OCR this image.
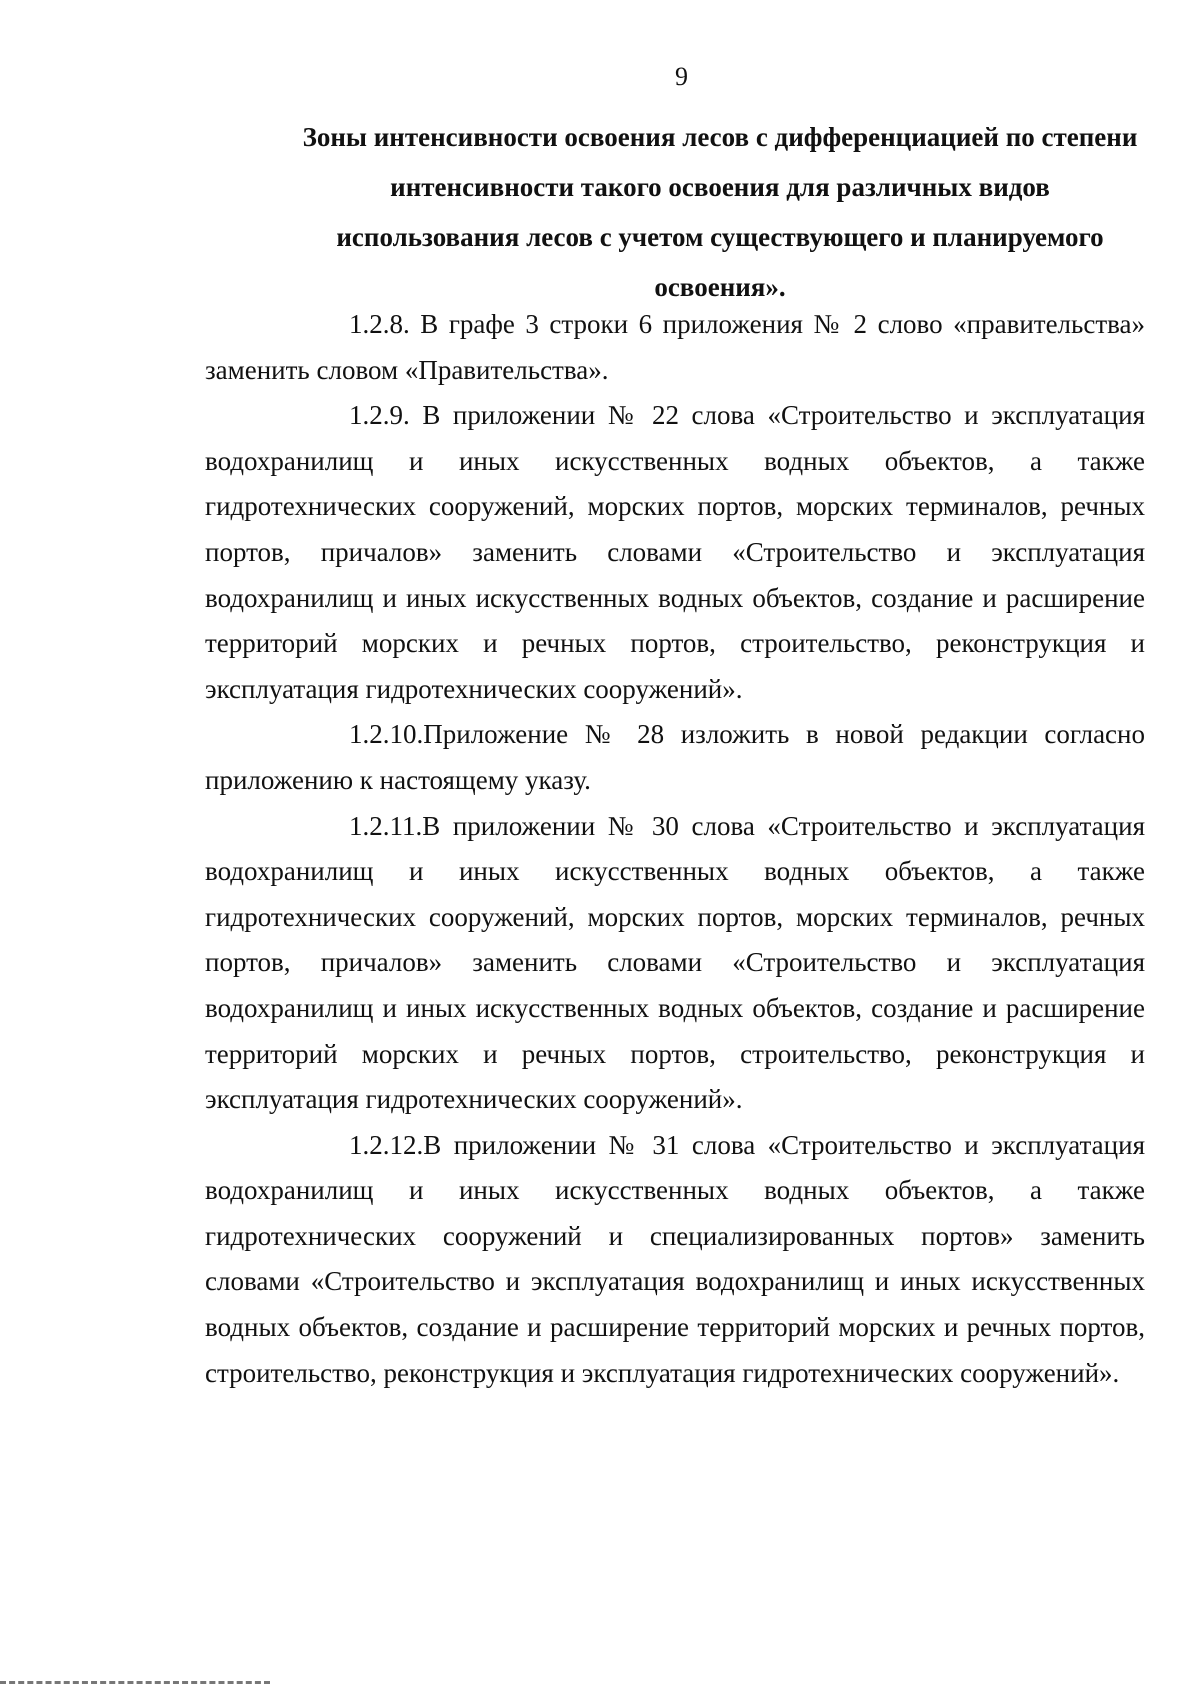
9
Зоны интенсивности освоения лесов с дифференциацией по степени интенсивности такого освоения для различных видов использования лесов с учетом существующего и планируемого освоения».

1.2.8. В графе 3 строки 6 приложения № 2 слово «правительства» заменить словом «Правительства».

1.2.9. В приложении № 22 слова «Строительство и эксплуатация водохранилищ и иных искусственных водных объектов, а также гидротехнических сооружений, морских портов, морских терминалов, речных портов, причалов» заменить словами «Строительство и эксплуатация водохранилищ и иных искусственных водных объектов, создание и расширение территорий морских и речных портов, строительство, реконструкция и эксплуатация гидротехнических сооружений».

1.2.10.Приложение № 28 изложить в новой редакции согласно приложению к настоящему указу.

1.2.11.В приложении № 30 слова «Строительство и эксплуатация водохранилищ и иных искусственных водных объектов, а также гидротехнических сооружений, морских портов, морских терминалов, речных портов, причалов» заменить словами «Строительство и эксплуатация водохранилищ и иных искусственных водных объектов, создание и расширение территорий морских и речных портов, строительство, реконструкция и эксплуатация гидротехнических сооружений».

1.2.12.В приложении № 31 слова «Строительство и эксплуатация водохранилищ и иных искусственных водных объектов, а также гидротехнических сооружений и специализированных портов» заменить словами «Строительство и эксплуатация водохранилищ и иных искусственных водных объектов, создание и расширение территорий морских и речных портов, строительство, реконструкция и эксплуатация гидротехнических сооружений».
